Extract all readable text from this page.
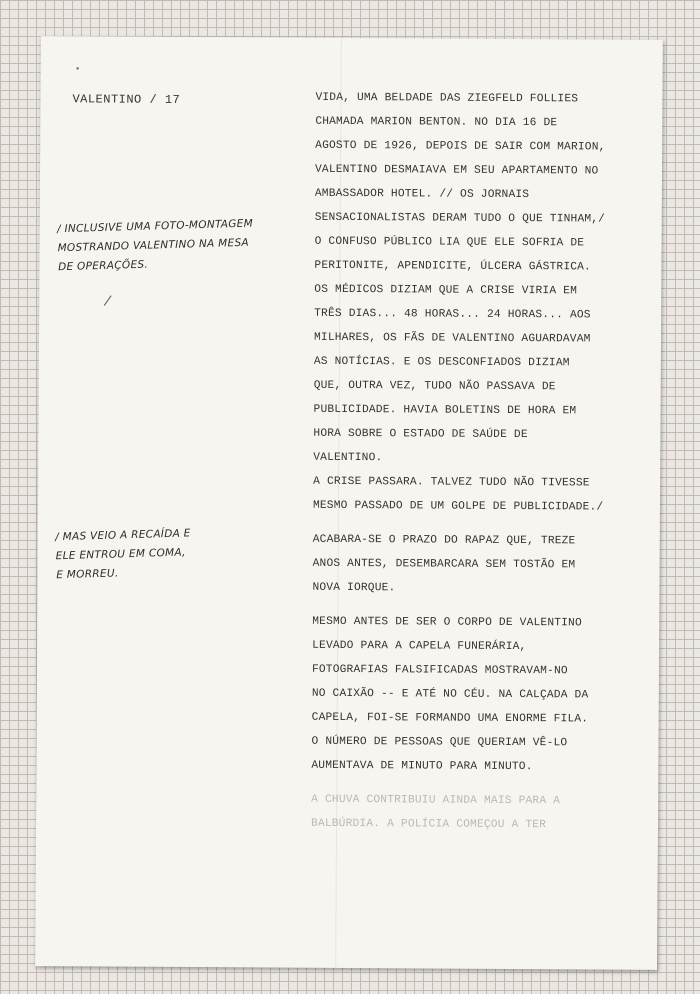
VALENTINO / 17
/ INCLUSIVE UMA FOTO-MONTAGEM
MOSTRANDO VALENTINO NA MESA
DE OPERAÇÕES.
/ MAS VEIO A RECAÍDA E
ELE ENTROU EM COMA,
E MORREU.
VIDA, UMA BELDADE DAS ZIEGFELD FOLLIES
CHAMADA MARION BENTON. NO DIA 16 DE
AGOSTO DE 1926, DEPOIS DE SAIR COM MARION,
VALENTINO DESMAIAVA EM SEU APARTAMENTO NO
AMBASSADOR HOTEL. // OS JORNAIS
SENSACIONALISTAS DERAM TUDO O QUE TINHAM,/
O CONFUSO PÚBLICO LIA QUE ELE SOFRIA DE
PERITONITE, APENDICITE, ÚLCERA GÁSTRICA.
OS MÉDICOS DIZIAM QUE A CRISE VIRIA EM
TRÊS DIAS... 48 HORAS... 24 HORAS... AOS
MILHARES, OS FÃS DE VALENTINO AGUARDAVAM
AS NOTÍCIAS. E OS DESCONFIADOS DIZIAM
QUE, OUTRA VEZ, TUDO NÃO PASSAVA DE
PUBLICIDADE. HAVIA BOLETINS DE HORA EM
HORA SOBRE O ESTADO DE SAÚDE DE
VALENTINO.
A CRISE PASSARA. TALVEZ TUDO NÃO TIVESSE
MESMO PASSADO DE UM GOLPE DE PUBLICIDADE./
ACABARA-SE O PRAZO DO RAPAZ QUE, TREZE
ANOS ANTES, DESEMBARCARA SEM TOSTÃO EM
NOVA IORQUE.
MESMO ANTES DE SER O CORPO DE VALENTINO
LEVADO PARA A CAPELA FUNERÁRIA,
FOTOGRAFIAS FALSIFICADAS MOSTRAVAM-NO
NO CAIXÃO -- E ATÉ NO CÉU. NA CALÇADA DA
CAPELA, FOI-SE FORMANDO UMA ENORME FILA.
O NÚMERO DE PESSOAS QUE QUERIAM VÊ-LO
AUMENTAVA DE MINUTO PARA MINUTO.
A CHUVA CONTRIBUIU AINDA MAIS PARA A
BALBÚRDIA. A POLÍCIA COMEÇOU A TER
